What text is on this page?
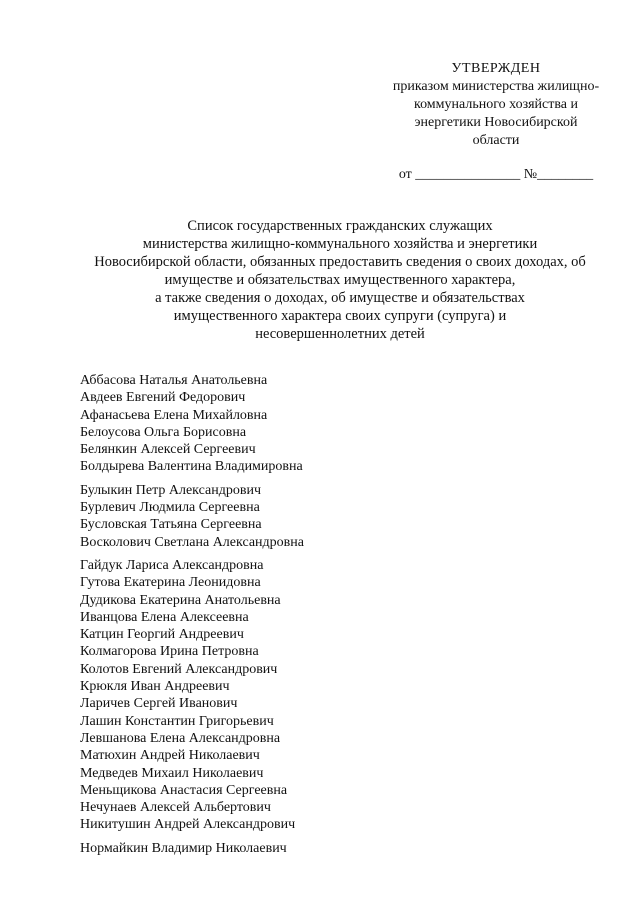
УТВЕРЖДЕН
приказом министерства жилищно-
коммунального хозяйства и
энергетики Новосибирской
области
от _______________ №________
Список государственных гражданских служащих
министерства жилищно-коммунального хозяйства и энергетики
Новосибирской области, обязанных предоставить сведения о своих доходах, об
имуществе и обязательствах имущественного характера,
а также сведения о доходах, об имуществе и обязательствах
имущественного характера своих супруги (супруга) и
несовершеннолетних детей
Аббасова Наталья Анатольевна
Авдеев Евгений Федорович
Афанасьева Елена Михайловна
Белоусова Ольга Борисовна
Белянкин Алексей Сергеевич
Болдырева Валентина Владимировна
Булыкин Петр Александрович
Бурлевич Людмила Сергеевна
Бусловская Татьяна Сергеевна
Восколович Светлана Александровна
Гайдук Лариса Александровна
Гутова Екатерина Леонидовна
Дудикова Екатерина Анатольевна
Иванцова Елена Алексеевна
Катцин Георгий Андреевич
Колмагорова Ирина Петровна
Колотов Евгений Александрович
Крюкля Иван Андреевич
Ларичев Сергей Иванович
Лашин Константин Григорьевич
Левшанова Елена Александровна
Матюхин Андрей Николаевич
Медведев Михаил Николаевич
Меньщикова Анастасия Сергеевна
Нечунаев Алексей Альбертович
Никитушин Андрей Александрович
Нормайкин Владимир Николаевич
